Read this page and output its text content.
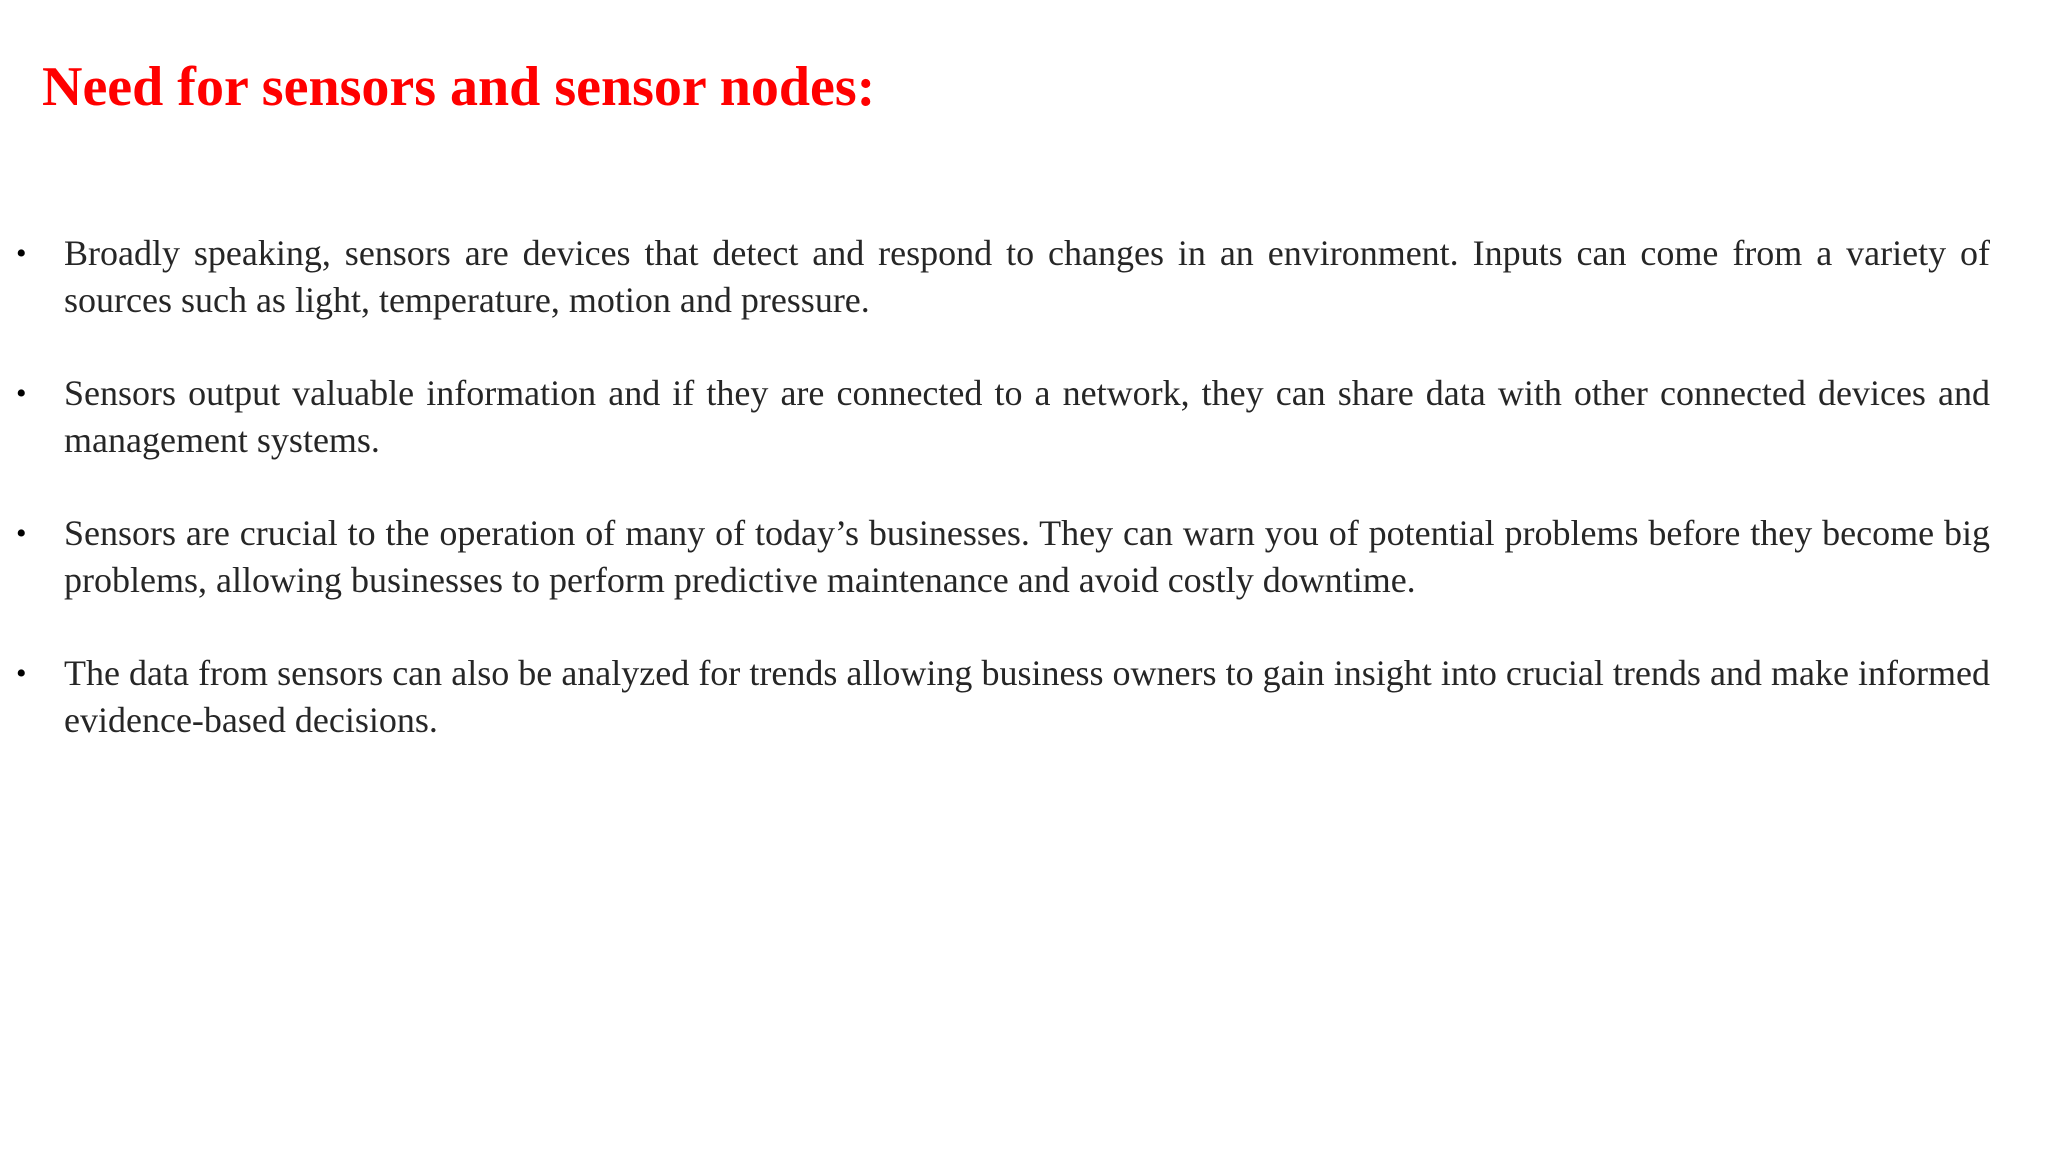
Need for sensors and sensor nodes:
• Broadly speaking, sensors are devices that detect and respond to changes in an environment. Inputs can come from a variety of sources such as light, temperature, motion and pressure.
• Sensors output valuable information and if they are connected to a network, they can share data with other connected devices and management systems.
• Sensors are crucial to the operation of many of today’s businesses. They can warn you of potential problems before they become big problems, allowing businesses to perform predictive maintenance and avoid costly downtime.
• The data from sensors can also be analyzed for trends allowing business owners to gain insight into crucial trends and make informed evidence-based decisions.
